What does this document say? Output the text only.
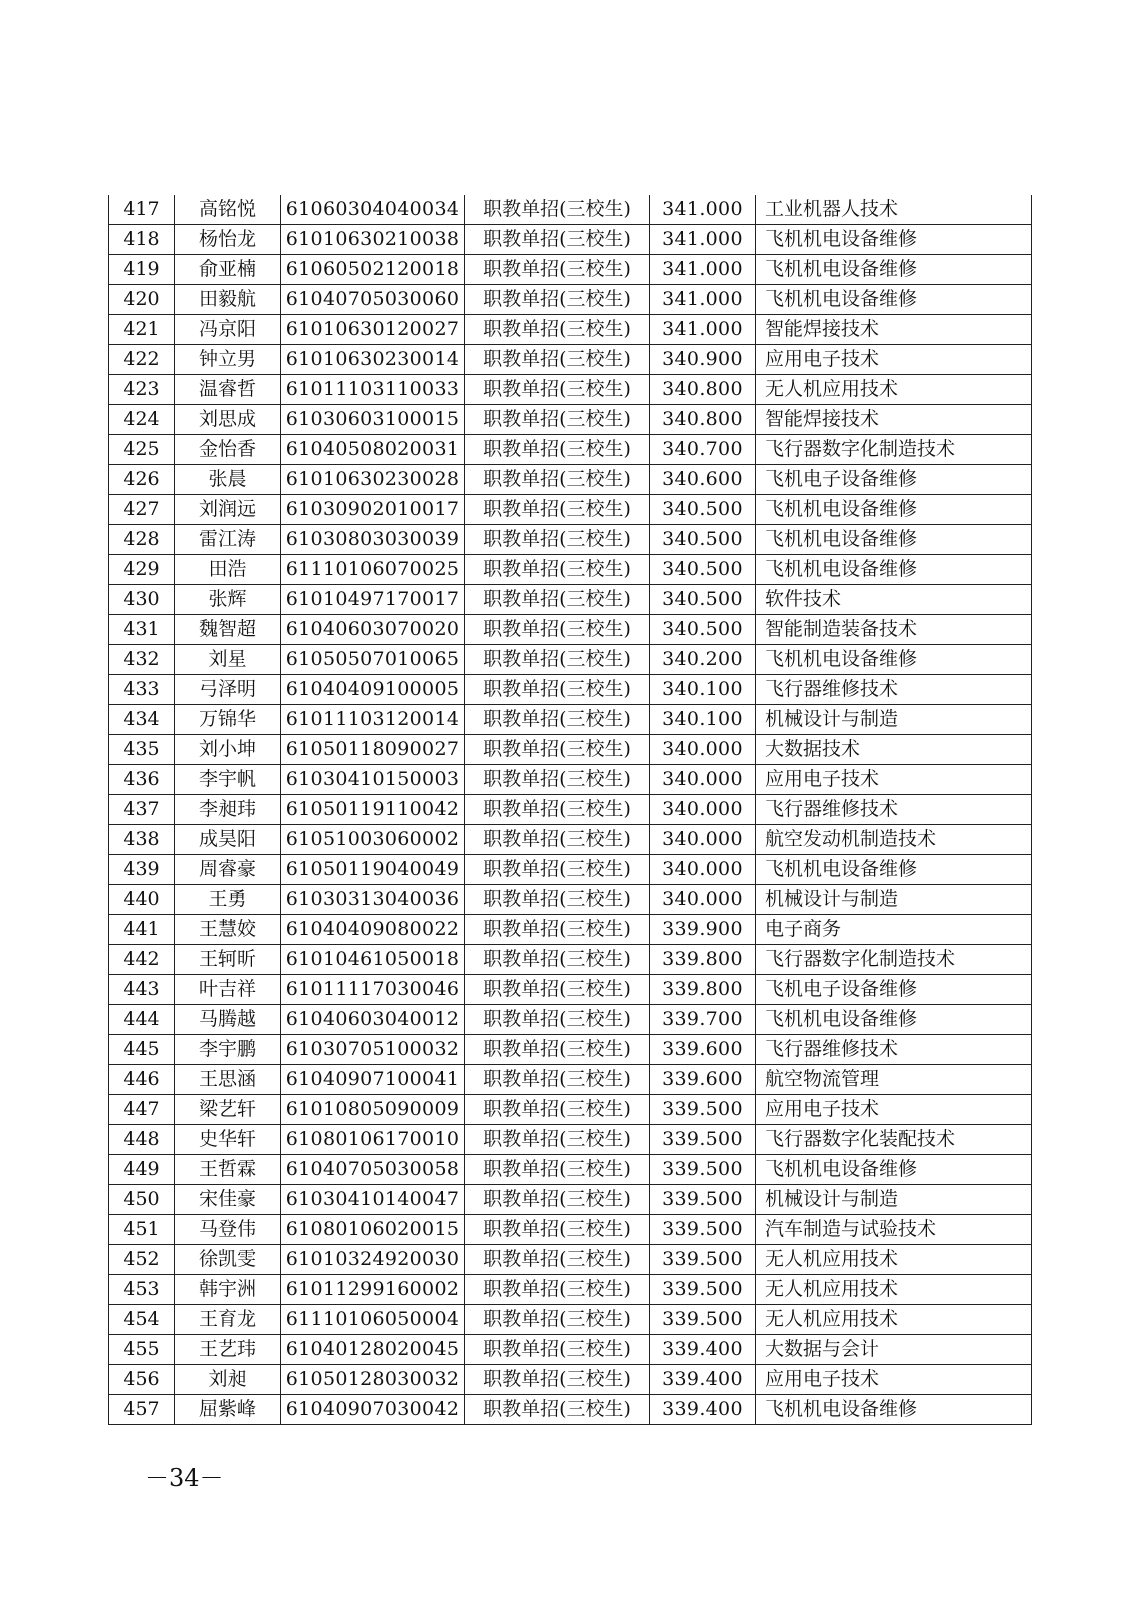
417	高铭悦	61060304040034	职教单招(三校生)	341.000	工业机器人技术
418	杨怡龙	61010630210038	职教单招(三校生)	341.000	飞机机电设备维修
419	俞亚楠	61060502120018	职教单招(三校生)	341.000	飞机机电设备维修
420	田毅航	61040705030060	职教单招(三校生)	341.000	飞机机电设备维修
421	冯京阳	61010630120027	职教单招(三校生)	341.000	智能焊接技术
422	钟立男	61010630230014	职教单招(三校生)	340.900	应用电子技术
423	温睿哲	61011103110033	职教单招(三校生)	340.800	无人机应用技术
424	刘思成	61030603100015	职教单招(三校生)	340.800	智能焊接技术
425	金怡香	61040508020031	职教单招(三校生)	340.700	飞行器数字化制造技术
426	张晨	61010630230028	职教单招(三校生)	340.600	飞机电子设备维修
427	刘润远	61030902010017	职教单招(三校生)	340.500	飞机机电设备维修
428	雷江涛	61030803030039	职教单招(三校生)	340.500	飞机机电设备维修
429	田浩	61110106070025	职教单招(三校生)	340.500	飞机机电设备维修
430	张辉	61010497170017	职教单招(三校生)	340.500	软件技术
431	魏智超	61040603070020	职教单招(三校生)	340.500	智能制造装备技术
432	刘星	61050507010065	职教单招(三校生)	340.200	飞机机电设备维修
433	弓泽明	61040409100005	职教单招(三校生)	340.100	飞行器维修技术
434	万锦华	61011103120014	职教单招(三校生)	340.100	机械设计与制造
435	刘小坤	61050118090027	职教单招(三校生)	340.000	大数据技术
436	李宇帆	61030410150003	职教单招(三校生)	340.000	应用电子技术
437	李昶玮	61050119110042	职教单招(三校生)	340.000	飞行器维修技术
438	成昊阳	61051003060002	职教单招(三校生)	340.000	航空发动机制造技术
439	周睿豪	61050119040049	职教单招(三校生)	340.000	飞机机电设备维修
440	王勇	61030313040036	职教单招(三校生)	340.000	机械设计与制造
441	王慧姣	61040409080022	职教单招(三校生)	339.900	电子商务
442	王轲昕	61010461050018	职教单招(三校生)	339.800	飞行器数字化制造技术
443	叶吉祥	61011117030046	职教单招(三校生)	339.800	飞机电子设备维修
444	马腾越	61040603040012	职教单招(三校生)	339.700	飞机机电设备维修
445	李宇鹏	61030705100032	职教单招(三校生)	339.600	飞行器维修技术
446	王思涵	61040907100041	职教单招(三校生)	339.600	航空物流管理
447	梁艺轩	61010805090009	职教单招(三校生)	339.500	应用电子技术
448	史华轩	61080106170010	职教单招(三校生)	339.500	飞行器数字化装配技术
449	王哲霖	61040705030058	职教单招(三校生)	339.500	飞机机电设备维修
450	宋佳豪	61030410140047	职教单招(三校生)	339.500	机械设计与制造
451	马登伟	61080106020015	职教单招(三校生)	339.500	汽车制造与试验技术
452	徐凯雯	61010324920030	职教单招(三校生)	339.500	无人机应用技术
453	韩宇洲	61011299160002	职教单招(三校生)	339.500	无人机应用技术
454	王育龙	61110106050004	职教单招(三校生)	339.500	无人机应用技术
455	王艺玮	61040128020045	职教单招(三校生)	339.400	大数据与会计
456	刘昶	61050128030032	职教单招(三校生)	339.400	应用电子技术
457	屈紫峰	61040907030042	职教单招(三校生)	339.400	飞机机电设备维修
－34－
